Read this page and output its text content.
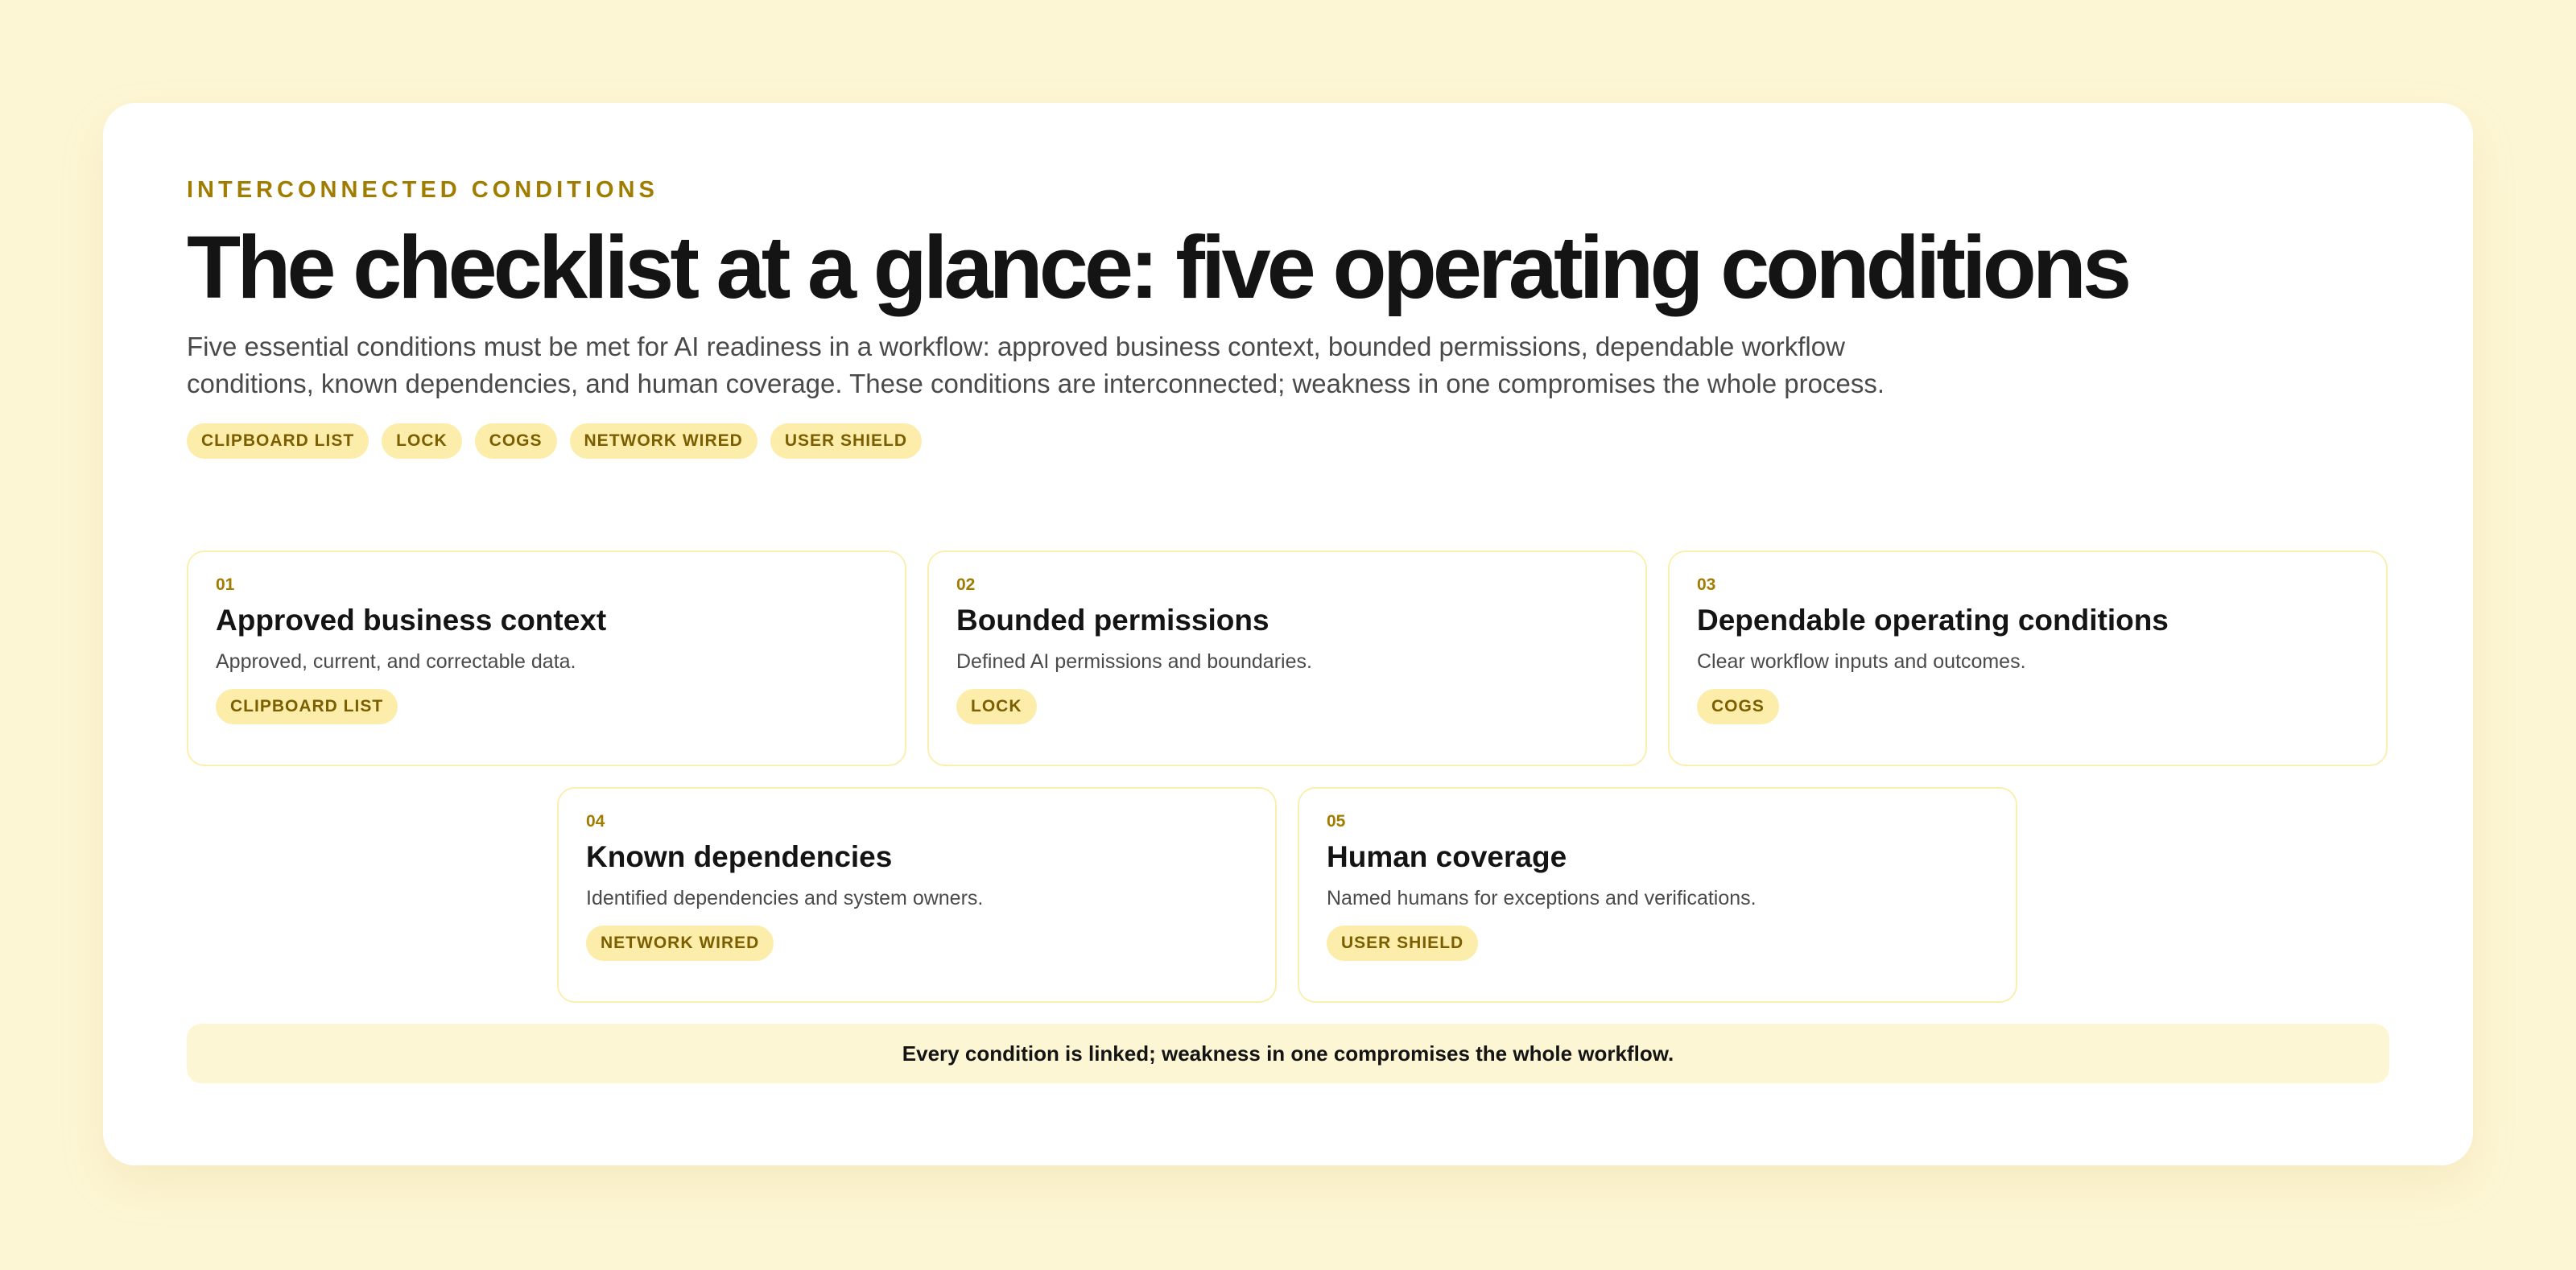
INTERCONNECTED CONDITIONS
The checklist at a glance: five operating conditions

Five essential conditions must be met for AI readiness in a workflow: approved business context, bounded permissions, dependable workflow conditions, known dependencies, and human coverage. These conditions are interconnected; weakness in one compromises the whole process.

CLIPBOARD LIST	LOCK	COGS	NETWORK WIRED	USER SHIELD
01
Approved business context
Approved, current, and correctable data.
CLIPBOARD LIST
02
Bounded permissions
Defined AI permissions and boundaries.
LOCK
03
Dependable operating conditions
Clear workflow inputs and outcomes.
COGS
04
Known dependencies
Identified dependencies and system owners.
NETWORK WIRED
05
Human coverage
Named humans for exceptions and verifications.
USER SHIELD
Every condition is linked; weakness in one compromises the whole workflow.
